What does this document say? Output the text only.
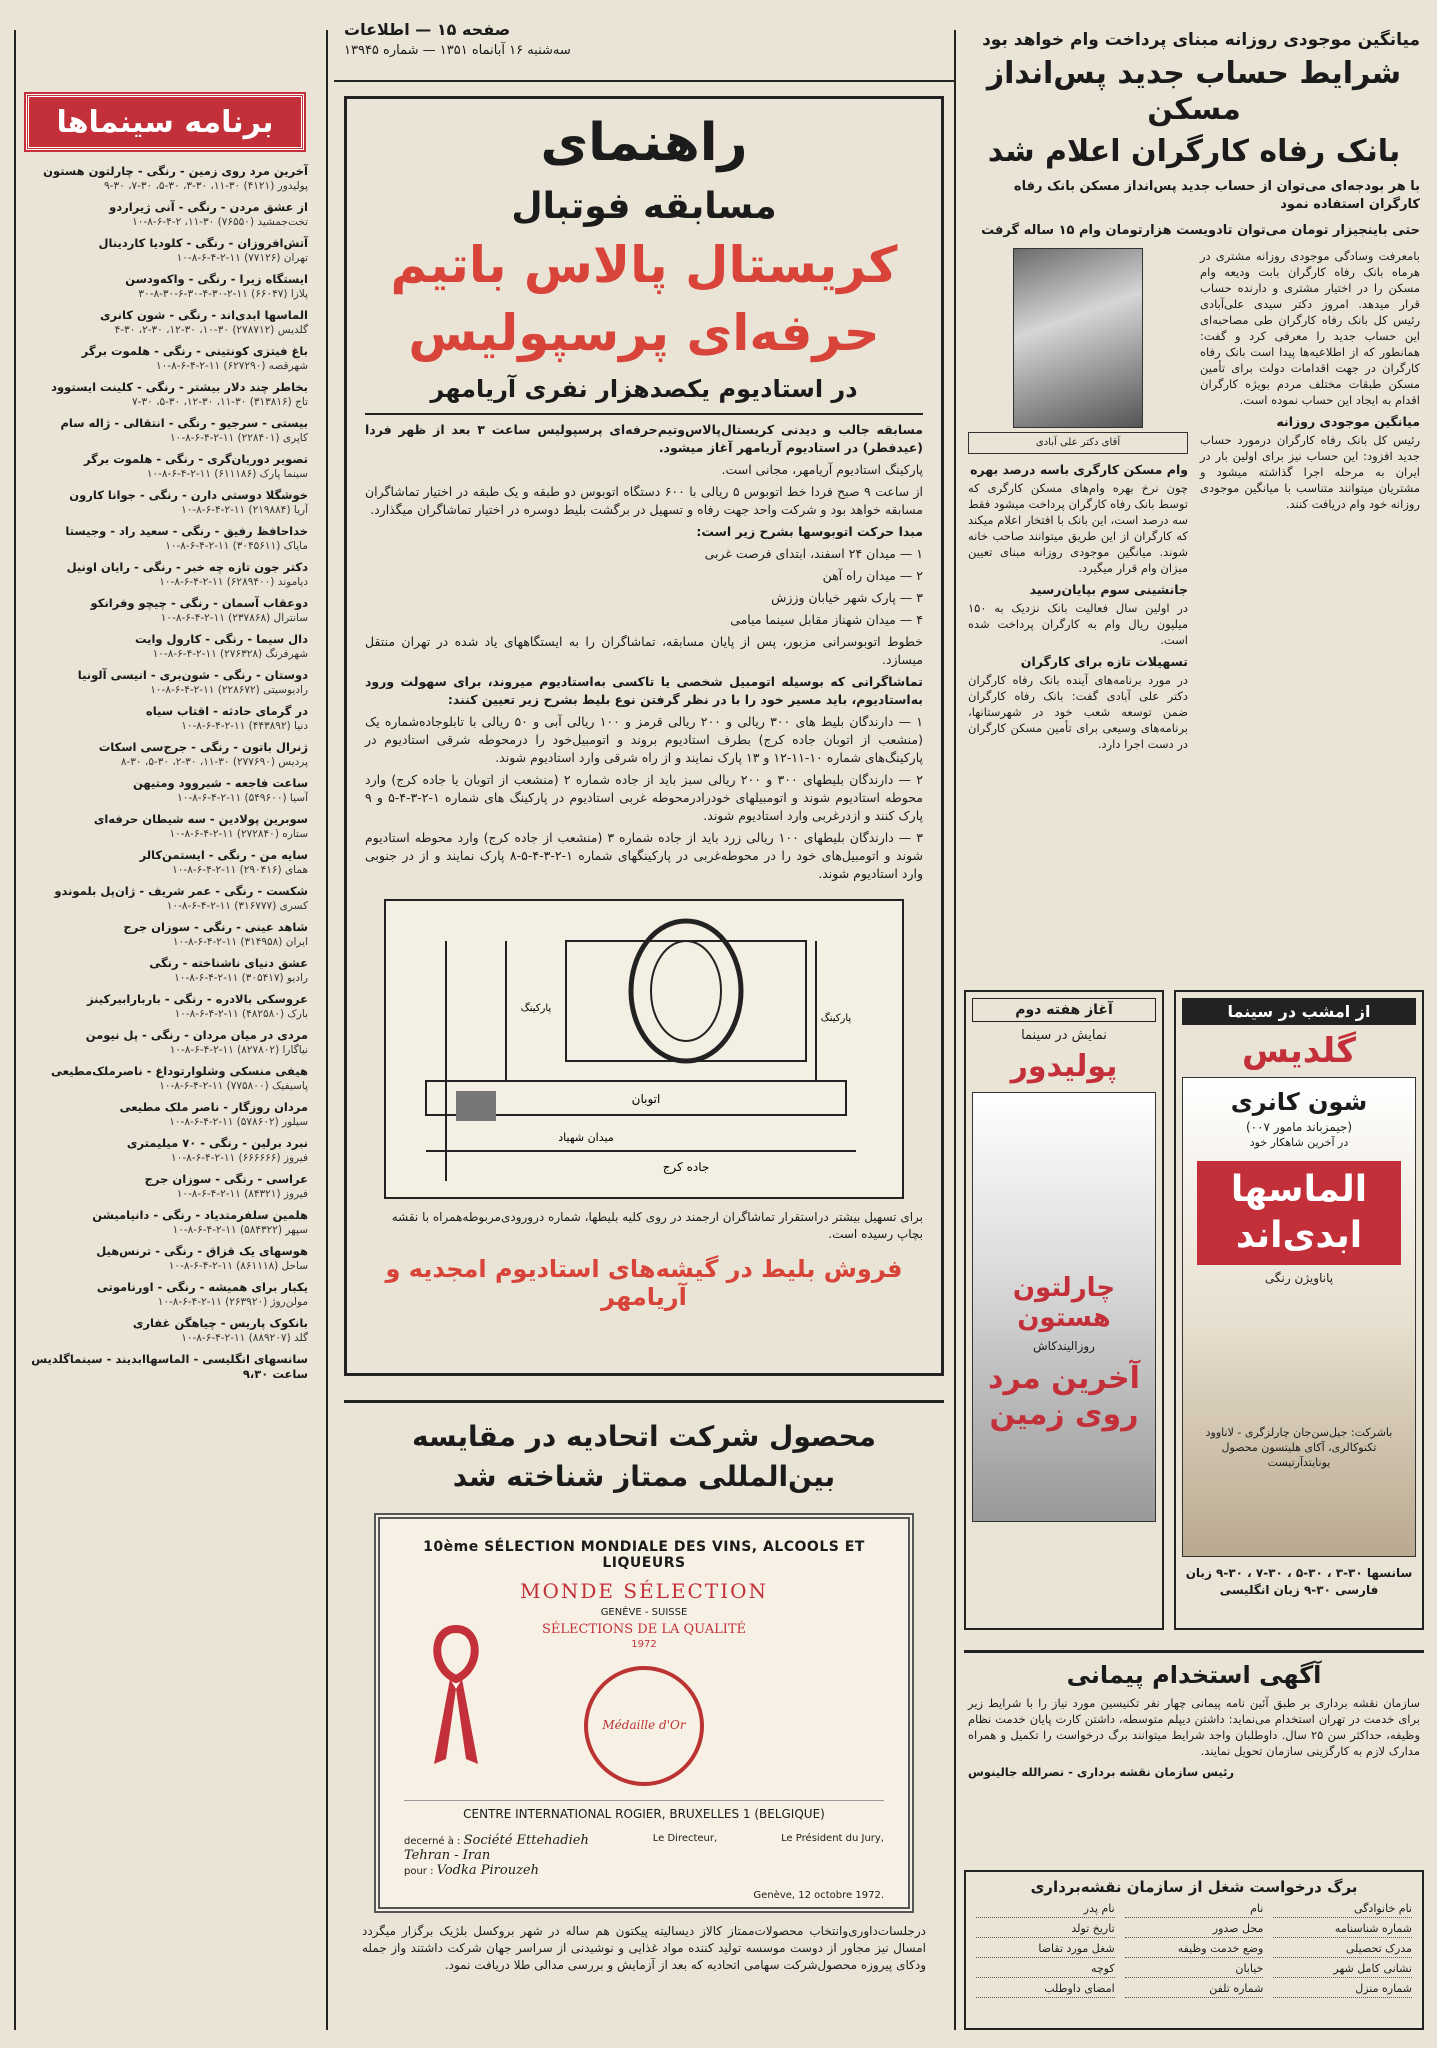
صفحه ۱۵ — اطلاعات
سه‌شنبه ۱۶ آبانماه ۱۳۵۱ — شماره ۱۳۹۴۵
برنامه سینماها
آخرین مرد روی زمین - رنگی - چارلتون هستون
پولیدور (۴۱۲۱) ۳۰-۱۱، ۳۰-۳، ۳۰-۵، ۳۰-۷، ۳۰-۹
از عشق مردن - رنگی - آنی ژیراردو
تخت‌جمشید (۷۶۵۵۰) ۳۰-۱۱، ۲-۴-۶-۸-۱۰
آتش‌افروزان - رنگی - کلودیا کاردینال
تهران (۷۷۱۲۶) ۱۱-۲-۴-۶-۸-۱۰
ایستگاه زیرا - رنگی - واکه‌ودسن
پلازا (۶۶۰۴۷) ۱۱-۲-۳۰-۴-۳۰-۶-۳۰-۸-۳۰
الماسها ابدی‌اند - رنگی - شون کانری
گلدیس (۲۷۸۷۱۲) ۳۰-۱۰، ۳۰-۱۲، ۳۰-۲، ۳۰-۴
باغ فیتزی کونتینی - رنگی - هلموت برگر
شهرقصه (۶۲۷۲۹۰) ۱۱-۲-۴-۶-۸-۱۰
بخاطر چند دلار بیشتر - رنگی - کلینت ایستوود
تاج (۳۱۳۸۱۶) ۳۰-۱۱، ۳۰-۱۲، ۳۰-۵، ۳۰-۷
بیستی - سرجیو - رنگی - انتقالی - ژاله سام
کاپری (۲۲۸۴۰۱) ۱۱-۲-۴-۶-۸-۱۰
تصویر دوریان‌گری - رنگی - هلموت برگر
سینما پارک (۶۱۱۱۸۶) ۱۱-۲-۴-۶-۸-۱۰
خوشگلا دوستی دارن - رنگی - جوانا کارون
آریا (۲۱۹۸۸۴) ۱۱-۲-۴-۶-۸-۱۰
خداحافظ رفیق - رنگی - سعید راد - وجیستا
مایاک (۳۰۴۵۶۱۱) ۱۱-۲-۴-۶-۸-۱۰
دکتر جون تازه چه خبر - رنگی - رایان اونیل
دیاموند (۶۲۸۹۴۰۰) ۱۱-۲-۴-۶-۸-۱۰
دوعقاب آسمان - رنگی - چیچو وفرانکو
سانترال (۲۳۷۸۶۸) ۱۱-۲-۴-۶-۸-۱۰
دال سیما - رنگی - کارول وایت
شهرفرنگ (۲۷۶۳۲۸) ۱۱-۲-۴-۶-۸-۱۰
دوستان - رنگی - شون‌بری - انیسی آلونیا
رادیوسیتی (۲۲۸۶۷۲) ۱۱-۲-۴-۶-۸-۱۰
در گرمای حادثه - اقتاب سیاه
دنیا (۴۴۳۸۹۲) ۱۱-۲-۴-۶-۸-۱۰
ژنرال باتون - رنگی - جرج‌سی اسکات
پردیس (۲۷۷۶۹۰) ۳۰-۱۱، ۳۰-۲، ۳۰-۵، ۳۰-۸
ساعت فاجعه - شیروود ومتیهن
آسیا (۵۴۹۶۰۰) ۱۱-۲-۴-۶-۸-۱۰
سوبرین پولادین - سه شیطان حرفه‌ای
ستاره (۲۷۲۸۴۰) ۱۱-۲-۴-۶-۸-۱۰
سایه من - رنگی - ایستمن‌کالر
همای (۲۹۰۴۱۶) ۱۱-۲-۴-۶-۸-۱۰
شکست - رنگی - عمر شریف - ژان‌پل بلموندو
کسری (۳۱۶۷۷۷) ۱۱-۲-۴-۶-۸-۱۰
شاهد عینی - رنگی - سوزان جرج
ایران (۳۱۴۹۵۸) ۱۱-۲-۴-۶-۸-۱۰
عشق دنیای ناشناخته - رنگی
رادیو (۳۰۵۴۱۷) ۱۱-۲-۴-۶-۸-۱۰
عروسکی بالادره - رنگی - باربارابیرکینز
بارک (۴۸۲۵۸۰) ۱۱-۲-۴-۶-۸-۱۰
مردی در میان مردان - رنگی - پل نیومن
نیاگارا (۸۲۷۸۰۲) ۱۱-۲-۴-۶-۸-۱۰
هیفی منسکی وشلوارتو‌داغ - ناصرملک‌مطیعی
پاسیفیک (۷۷۵۸۰۰) ۱۱-۲-۴-۶-۸-۱۰
مردان روزگار - ناصر ملک مطیعی
سیلور (۵۷۸۶۰۲) ۱۱-۲-۴-۶-۸-۱۰
نبرد برلین - رنگی - ۷۰ میلیمتری
فیروز (۶۶۶۶۶۶) ۱۱-۲-۴-۶-۸-۱۰
عراسی - رنگی - سوزان جرج
فیروز (۸۴۳۲۱) ۱۱-۲-۴-۶-۸-۱۰
هلمین سلفرمتدیاد - رنگی - دانیامیشن
سپهر (۵۸۴۳۲۲) ۱۱-۲-۴-۶-۸-۱۰
هوسهای یک قزاق - رنگی - ترنس‌هیل
ساحل (۸۶۱۱۱۸) ۱۱-۲-۴-۶-۸-۱۰
یکبار برای همیشه - رنگی - اورناموتی
مولن‌روژ (۲۶۳۹۲۰) ۱۱-۲-۴-۶-۸-۱۰
بانکوک پاریس - چیاهگن غفاری
گلد (۸۸۹۲۰۷) ۱۱-۲-۴-۶-۸-۱۰
سانسهای انگلیسی - الماسهاابدیند - سینماگلدیس ساعت ۹،۳۰
راهنمای
مسابقه فوتبال
کریستال پالاس باتیم
حرفه‌ای پرسپولیس
در استادیوم یکصدهزار نفری آریامهر

مسابقه جالب و دیدنی کریستال‌پالاس‌وتیم‌حرفه‌ای پرسپولیس ساعت ۳ بعد از ظهر فردا (عیدفطر) در استادیوم آریامهر آغاز میشود.

پارکینگ استادیوم آریامهر، مجانی است.

از ساعت ۹ صبح فردا خط اتوبوس ۵ ریالی با ۶۰۰ دستگاه اتوبوس دو طبقه و یک طبقه در اختیار تماشاگران مسابقه خواهد بود و شرکت واحد جهت رفاه و تسهیل در برگشت بلیط دوسره در اختیار تماشاگران میگذارد.

مبدا حرکت اتوبوسها بشرح زیر است:

۱ — میدان ۲۴ اسفند، ابتدای فرصت غربی

۲ — میدان راه آهن

۳ — پارک شهر خیابان وززش

۴ — میدان شهناز مقابل سینما میامی

خطوط اتوبوسرانی مزبور، پس از پایان مسابقه، تماشاگران را به ایستگاههای یاد شده در تهران منتقل میسازد.

تماشاگرانی که بوسیله اتومبیل شخصی یا تاکسی به‌استادیوم میروند، برای سهولت ورود به‌استادیوم، باید مسیر خود را با در نظر گرفتن نوع بلیط بشرح زیر تعیین کنند:

۱ — دارندگان بلیط های ۳۰۰ ریالی و ۲۰۰ ریالی قرمز و ۱۰۰ ریالی آبی و ۵۰ ریالی با تابلوجاده‌شماره یک (منشعب از اتوبان جاده کرج) بطرف استادیوم بروند و اتومبیل‌خود را درمحوطه شرقی استادیوم در پارکینگ‌های شماره ۱۰-۱۱-۱۲ و ۱۳ پارک نمایند و از راه شرقی وارد استادیوم شوند.

۲ — دارندگان بلیطهای ۳۰۰ و ۲۰۰ ریالی سبز باید از جاده شماره ۲ (منشعب از اتوبان یا جاده کرج) وارد محوطه استادیوم شوند و اتومبیلهای خودرادرمحوطه غربی استادیوم در پارکینگ های شماره ۱-۲-۳-۴-۵ و ۹ پارک کنند و ازدرغربی وارد استادیوم شوند.

۳ — دارندگان بلیطهای ۱۰۰ ریالی زرد باید از جاده شماره ۳ (منشعب از جاده کرج) وارد محوطه استادیوم شوند و اتومبیل‌های خود را در محوطه‌غربی در پارکینگهای شماره ۱-۲-۳-۴-۵-۸ پارک نمایند و از در جنوبی وارد استادیوم شوند.

اتوبان
جاده کرج
میدان شهیاد
پارکینگ
پارکینگ
برای تسهیل بیشتر دراستقرار تماشاگران ارجمند در روی کلیه بلیطها، شماره‌ درورودی‌مربوطه‌همراه با نقشه بچاپ رسیده است.
فروش بلیط در گیشه‌های استادیوم امجدیه و آریامهر
محصول شرکت اتحادیه در مقایسه
بین‌المللی ممتاز شناخته شد
10ème SÉLECTION MONDIALE DES VINS, ALCOOLS ET LIQUEURS
MONDE SÉLECTION
GENÈVE - SUISSE
SÉLECTIONS DE LA QUALITÉ
1972
Médaille d'Or
CENTRE INTERNATIONAL ROGIER, BRUXELLES 1 (BELGIQUE)
decerné à : Société Ettehadieh
Tehran - Iran
pour : Vodka Pirouzeh
Le Directeur,	Le Président du Jury,
Genève, 12 octobre 1972.
درجلسات‌داوری‌وانتخاب محصولات‌ممتاز کالاز دیسالیته پیکتون هم ساله در شهر بروکسل بلژیک برگزار میگردد امسال نیز مجاور از دوست موسسه تولید کننده مواد غذایی و نوشیدنی از سراسر جهان شرکت داشتند واز جمله ودکای پیروزه محصول‌شرکت سهامی اتحادیه که بعد از آزمایش و بررسی مدالی طلا دریافت نمود.
میانگین موجودی روزانه مبنای پرداخت وام خواهد بود
شرایط حساب جدید پس‌انداز مسکن
بانک رفاه کارگران اعلام شد
با هر بودجه‌ای می‌توان از حساب جدید پس‌انداز مسکن بانک رفاه کارگران استفاده نمود
حتی باینجیزار تومان می‌توان تادویست هزارتومان وام ۱۵ ساله گرفت

بامعرفت وسادگی موجودی روزانه مشتری در هرماه بانک رفاه کارگران بابت ودیعه وام مسکن را در اختیار مشتری و دارنده حساب قرار میدهد. امروز دکتر سیدی علی‌آبادی رئیس کل بانک رفاه کارگران طی مصاحبه‌ای این حساب جدید را معرفی کرد و گفت: همانطور که از اطلاعیه‌ها پیدا است بانک رفاه کارگران در جهت اقدامات دولت برای تأمین مسکن طبقات مختلف مردم بویژه کارگران اقدام به ایجاد این حساب نموده است.

میانگین موجودی روزانه

رئیس کل بانک رفاه کارگران درمورد حساب جدید افزود: این حساب نیز برای اولین بار در ایران به مرحله اجرا گذاشته میشود و مشتریان میتوانند متناسب با میانگین موجودی روزانه خود وام دریافت کنند.

آقای دکتر علی آبادی
وام مسکن کارگری باسه درصد بهره

چون نرخ بهره وام‌های مسکن کارگری که توسط بانک رفاه کارگران پرداخت میشود فقط سه درصد است، این بانک با افتخار اعلام میکند که کارگران از این طریق میتوانند صاحب خانه شوند. میانگین موجودی روزانه مبنای تعیین میزان وام قرار میگیرد.

جانشینی سوم بپایان‌رسید

در اولین سال فعالیت بانک نزدیک به ۱۵۰ میلیون ریال وام به کارگران پرداخت شده است.

تسهیلات تازه برای کارگران

در مورد برنامه‌های آینده بانک رفاه کارگران دکتر علی آبادی گفت: بانک رفاه کارگران ضمن توسعه شعب خود در شهرستانها، برنامه‌های وسیعی برای تأمین مسکن کارگران در دست اجرا دارد.

آغاز هفته دوم
نمایش در سینما
پولیدور
چارلتون هستون
روزالیندکاش
آخرین مرد روی زمین
از امشب در سینما
گلدیس
شون کانری
(جیمزباند مامور ۰۰۷)
در آخرین شاهکار خود
الماسها ابدی‌اند
پاناویژن رنگی
باشرکت: جیل‌سن‌جان چارلزگری - لاناوود تکنوکالری، آکای هلیتسون محصول یونایتدآرتیست
سانسها ۳۰-۳ ، ۳۰-۵ ، ۳۰-۷ ، ۳۰-۹ زبان فارسی ۳۰-۹ زبان انگلیسی
آگهی استخدام پیمانی
سازمان نقشه برداری بر طبق آئین نامه پیمانی چهار نفر تکنیسین مورد نیاز را با شرایط زیر برای خدمت در تهران استخدام می‌نماید: داشتن دیپلم متوسطه، داشتن کارت پایان خدمت نظام وظیفه، حداکثر سن ۲۵ سال. داوطلبان واجد شرایط میتوانند برگ درخواست را تکمیل و همراه مدارک لازم به کارگزینی سازمان تحویل نمایند.
رئیس سازمان نقشه برداری - نصرالله جالینوس
برگ درخواست شغل از سازمان نقشه‌برداری
نام خانوادگی
نام
نام پدر
شماره شناسنامه
محل صدور
تاریخ تولد
مدرک تحصیلی
وضع خدمت وظیفه
شغل مورد تقاضا
نشانی کامل شهر
خیابان
کوچه
شماره منزل
شماره تلفن
امضای داوطلب
